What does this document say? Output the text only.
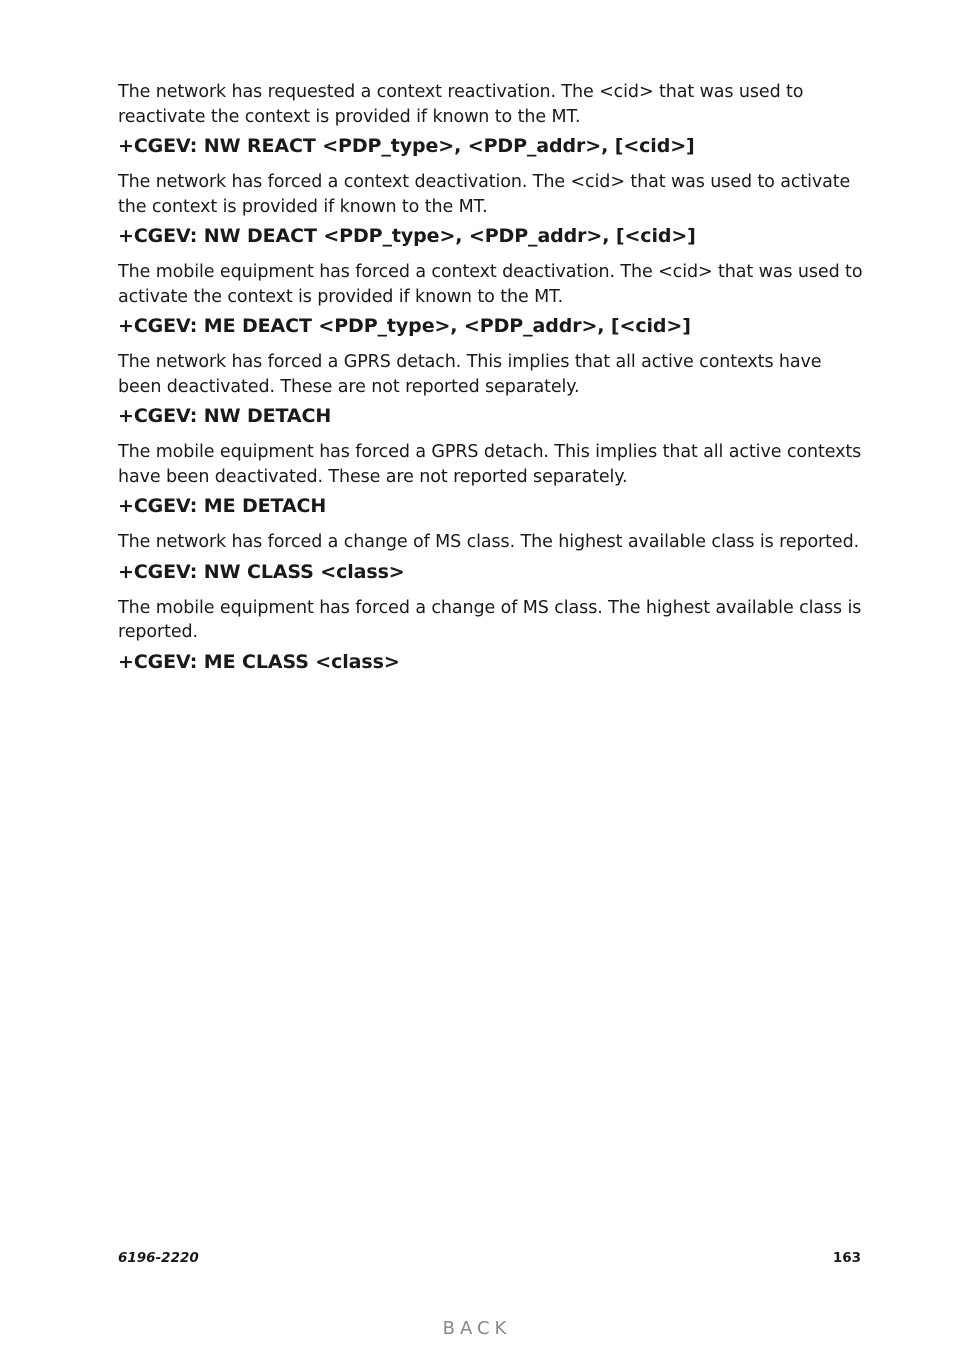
The network has requested a context reactivation. The <cid> that was used to reactivate the context is provided if known to the MT.

+CGEV: NW REACT <PDP_type>, <PDP_addr>, [<cid>]

The network has forced a context deactivation. The <cid> that was used to activate the context is provided if known to the MT.

+CGEV: NW DEACT <PDP_type>, <PDP_addr>, [<cid>]

The mobile equipment has forced a context deactivation. The <cid> that was used to activate the context is provided if known to the MT.

+CGEV: ME DEACT <PDP_type>, <PDP_addr>, [<cid>]

The network has forced a GPRS detach. This implies that all active contexts have been deactivated. These are not reported separately.

+CGEV: NW DETACH

The mobile equipment has forced a GPRS detach. This implies that all active contexts have been deactivated. These are not reported separately.

+CGEV: ME DETACH

The network has forced a change of MS class. The highest available class is reported.

+CGEV: NW CLASS <class>

The mobile equipment has forced a change of MS class. The highest available class is reported.

+CGEV: ME CLASS <class>

6196-2220	163
BACK
